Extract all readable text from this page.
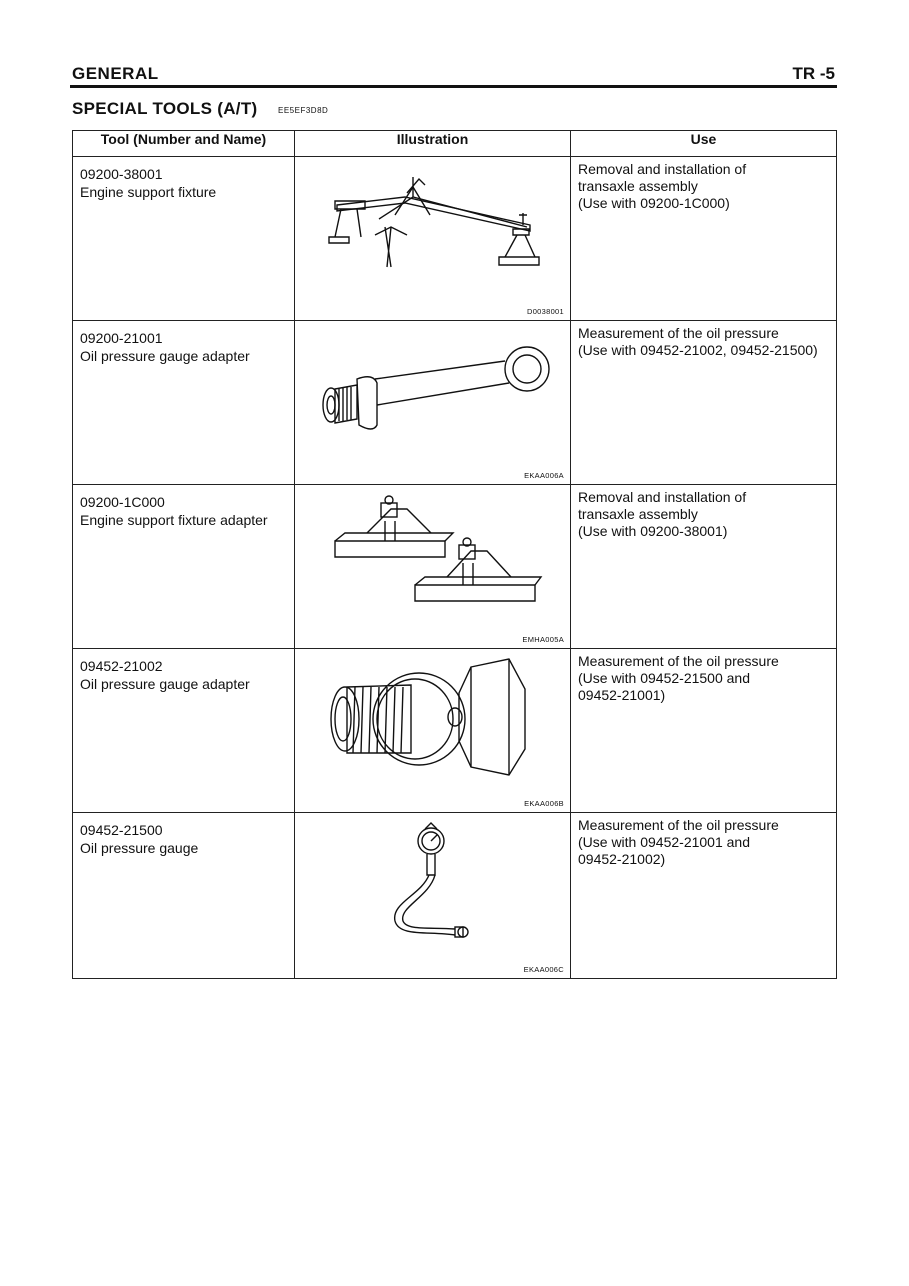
GENERAL	TR -5
SPECIAL TOOLS (A/T)	EE5EF3D8D
Tool (Number and Name)	Illustration	Use

09200-38001
Engine support fixture	D0038001	Removal and installation of
transaxle assembly
(Use with 09200-1C000)

09200-21001
Oil pressure gauge adapter	EKAA006A	Measurement of the oil pressure
(Use with 09452-21002, 09452-21500)

09200-1C000
Engine support fixture adapter	EMHA005A	Removal and installation of
transaxle assembly
(Use with 09200-38001)

09452-21002
Oil pressure gauge adapter	EKAA006B	Measurement of the oil pressure
(Use with 09452-21500 and
09452-21001)

09452-21500
Oil pressure gauge	EKAA006C	Measurement of the oil pressure
(Use with 09452-21001 and
09452-21002)
